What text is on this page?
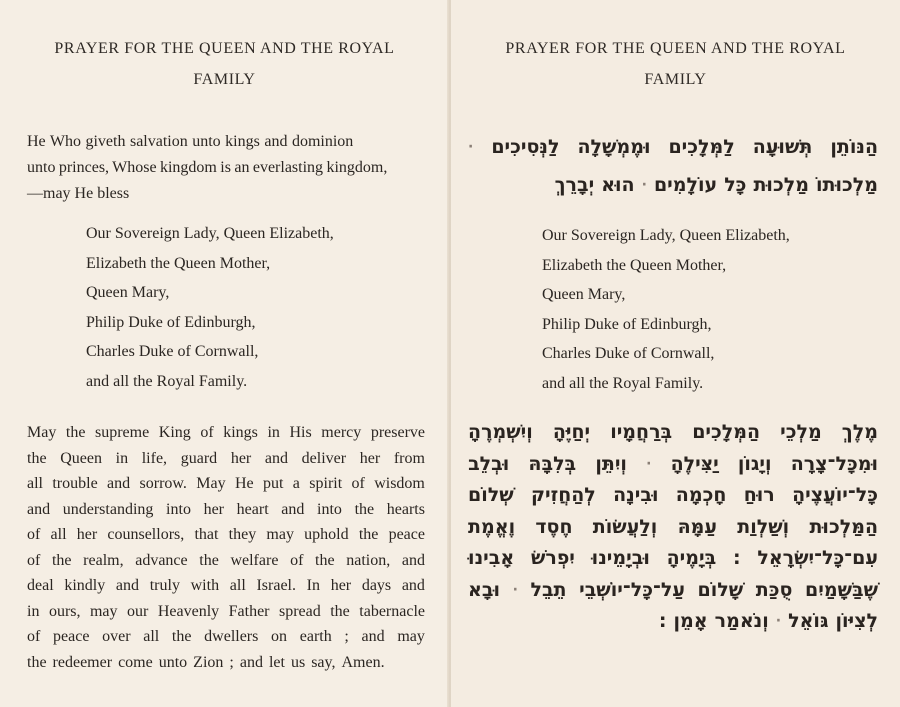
PRAYER FOR THE QUEEN AND THE ROYAL
FAMILY
He Who giveth salvation unto kings and dominion
unto princes, Whose kingdom is an everlasting kingdom,
—may He bless
Our Sovereign Lady, Queen Elizabeth,
Elizabeth the Queen Mother,
Queen Mary,
Philip Duke of Edinburgh,
Charles Duke of Cornwall,
and all the Royal Family.
May the supreme King of kings in His mercy preserve
the Queen in life, guard her and deliver her from
all trouble and sorrow. May He put a spirit of wisdom
and understanding into her heart and into the hearts
of all her counsellors, that they may uphold the peace
of the realm, advance the welfare of the nation, and
deal kindly and truly with all Israel. In her days and
in ours, may our Heavenly Father spread the tabernacle
of peace over all the dwellers on earth ; and may
the redeemer come unto Zion ; and let us say, Amen.
PRAYER FOR THE QUEEN AND THE ROYAL
FAMILY
הַנּוֹתֵן
תְּשׁוּעָה
לַמְּלָכִים
וּמֶמְשָׁלָה
לַנְּסִיכִים
·
מַלְכוּתוֹ
מַלְכוּת
כָּל
עוֹלָמִים
·
הוּא
יְבָרֵךְ
Our Sovereign Lady, Queen Elizabeth,
Elizabeth the Queen Mother,
Queen Mary,
Philip Duke of Edinburgh,
Charles Duke of Cornwall,
and all the Royal Family.
מֶלֶךְ
מַלְכֵי
הַמְּלָכִים
בְּרַחֲמָיו
יְחַיֶּהָ
וְיִשְׁמְרֶהָ
וּמִכָּל־צָרָה
וְיָגוֹן
יַצִּילֶהָ
·
וְיִתֵּן
בְּלִבָּהּ
וּבְלֵב
כָּל־יוֹעֲצֶיהָ
רוּחַ
חָכְמָה
וּבִינָה
לְהַחֲזִיק
שְׁלוֹם
הַמַּלְכוּת
וְשַׁלְוַת
עַמָּהּ
וְלַעֲשׂוֹת
חֶסֶד
וֶאֱמֶת
עִם־כָּל־יִשְׂרָאֵל
:
בְּיָמֶיהָ
וּבְיָמֵינוּ
יִפְרֹשׂ
אָבִינוּ
שֶׁבַּשָּׁמַיִם
סֻכַּת
שָׁלוֹם
עַל־כָּל־יוֹשְׁבֵי
תֵבֵל
·
וּבָא
לְצִיּוֹן
גּוֹאֵל
·
וְנֹאמַר
אָמֵן
:
